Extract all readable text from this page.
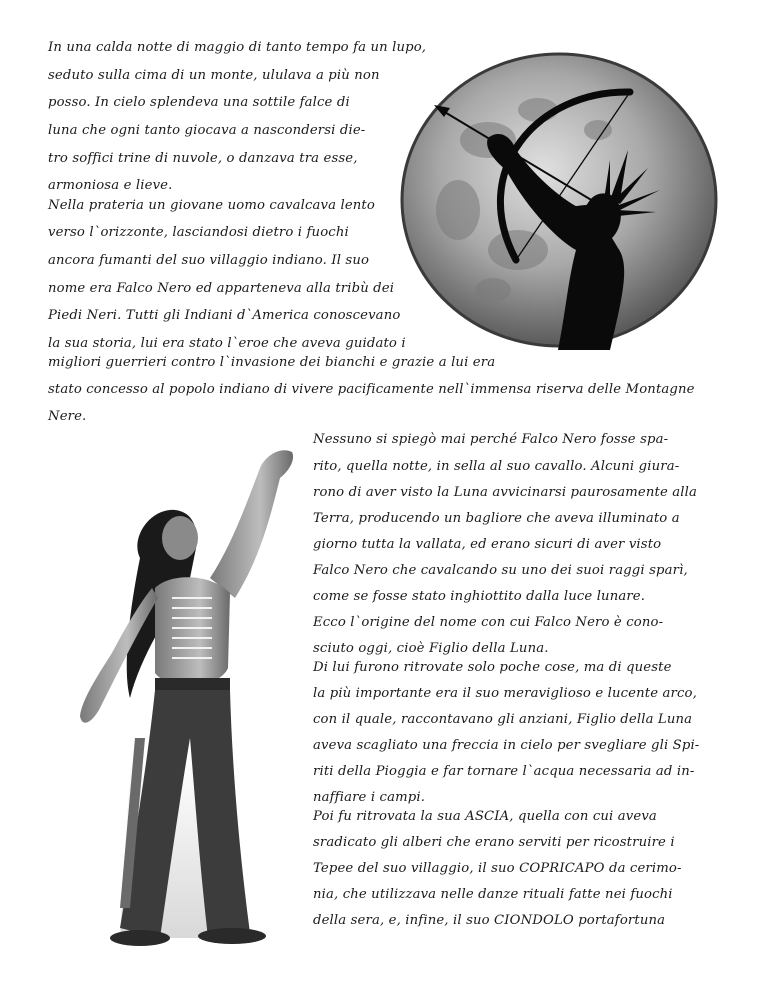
In una calda notte di maggio di tanto tempo fa un lupo,
seduto sulla cima di un monte, ululava a più non
posso. In cielo splendeva una sottile falce di
luna che ogni tanto giocava a nascondersi die-
tro soffici trine di nuvole, o danzava tra esse,
armoniosa e lieve.
Nella prateria un giovane uomo cavalcava lento
verso l`orizzonte, lasciandosi dietro i fuochi
ancora fumanti del suo villaggio indiano. Il suo
nome era Falco Nero ed apparteneva alla tribù dei
Piedi Neri. Tutti gli Indiani d`America conoscevano
la sua storia, lui era stato l`eroe che aveva guidato i
migliori guerrieri contro l`invasione dei bianchi e grazie a lui era
stato concesso al popolo indiano di vivere pacificamente nell`immensa riserva delle Montagne
Nere.
Nessuno si spiegò mai perché Falco Nero fosse spa-
rito, quella notte, in sella al suo cavallo. Alcuni giura-
rono di aver visto la Luna avvicinarsi paurosamente alla
Terra, producendo un bagliore che aveva illuminato a
giorno tutta la vallata, ed erano sicuri di aver visto
Falco Nero che cavalcando su uno dei suoi raggi sparì,
come se fosse stato inghiottito dalla luce lunare.
Ecco l`origine del nome con cui Falco Nero è cono-
sciuto oggi, cioè Figlio della Luna.
Di lui furono ritrovate solo poche cose, ma di queste
la più importante era il suo meraviglioso e lucente arco,
con il quale, raccontavano gli anziani, Figlio della Luna
aveva scagliato una freccia in cielo per svegliare gli Spi-
riti della Pioggia e far tornare l`acqua necessaria ad in-
naffiare i campi.
Poi fu ritrovata la sua ASCIA, quella con cui aveva
sradicato gli alberi che erano serviti per ricostruire i
Tepee del suo villaggio, il suo COPRICAPO da cerimo-
nia, che utilizzava nelle danze rituali fatte nei fuochi
della sera, e, infine, il suo CIONDOLO portafortuna
